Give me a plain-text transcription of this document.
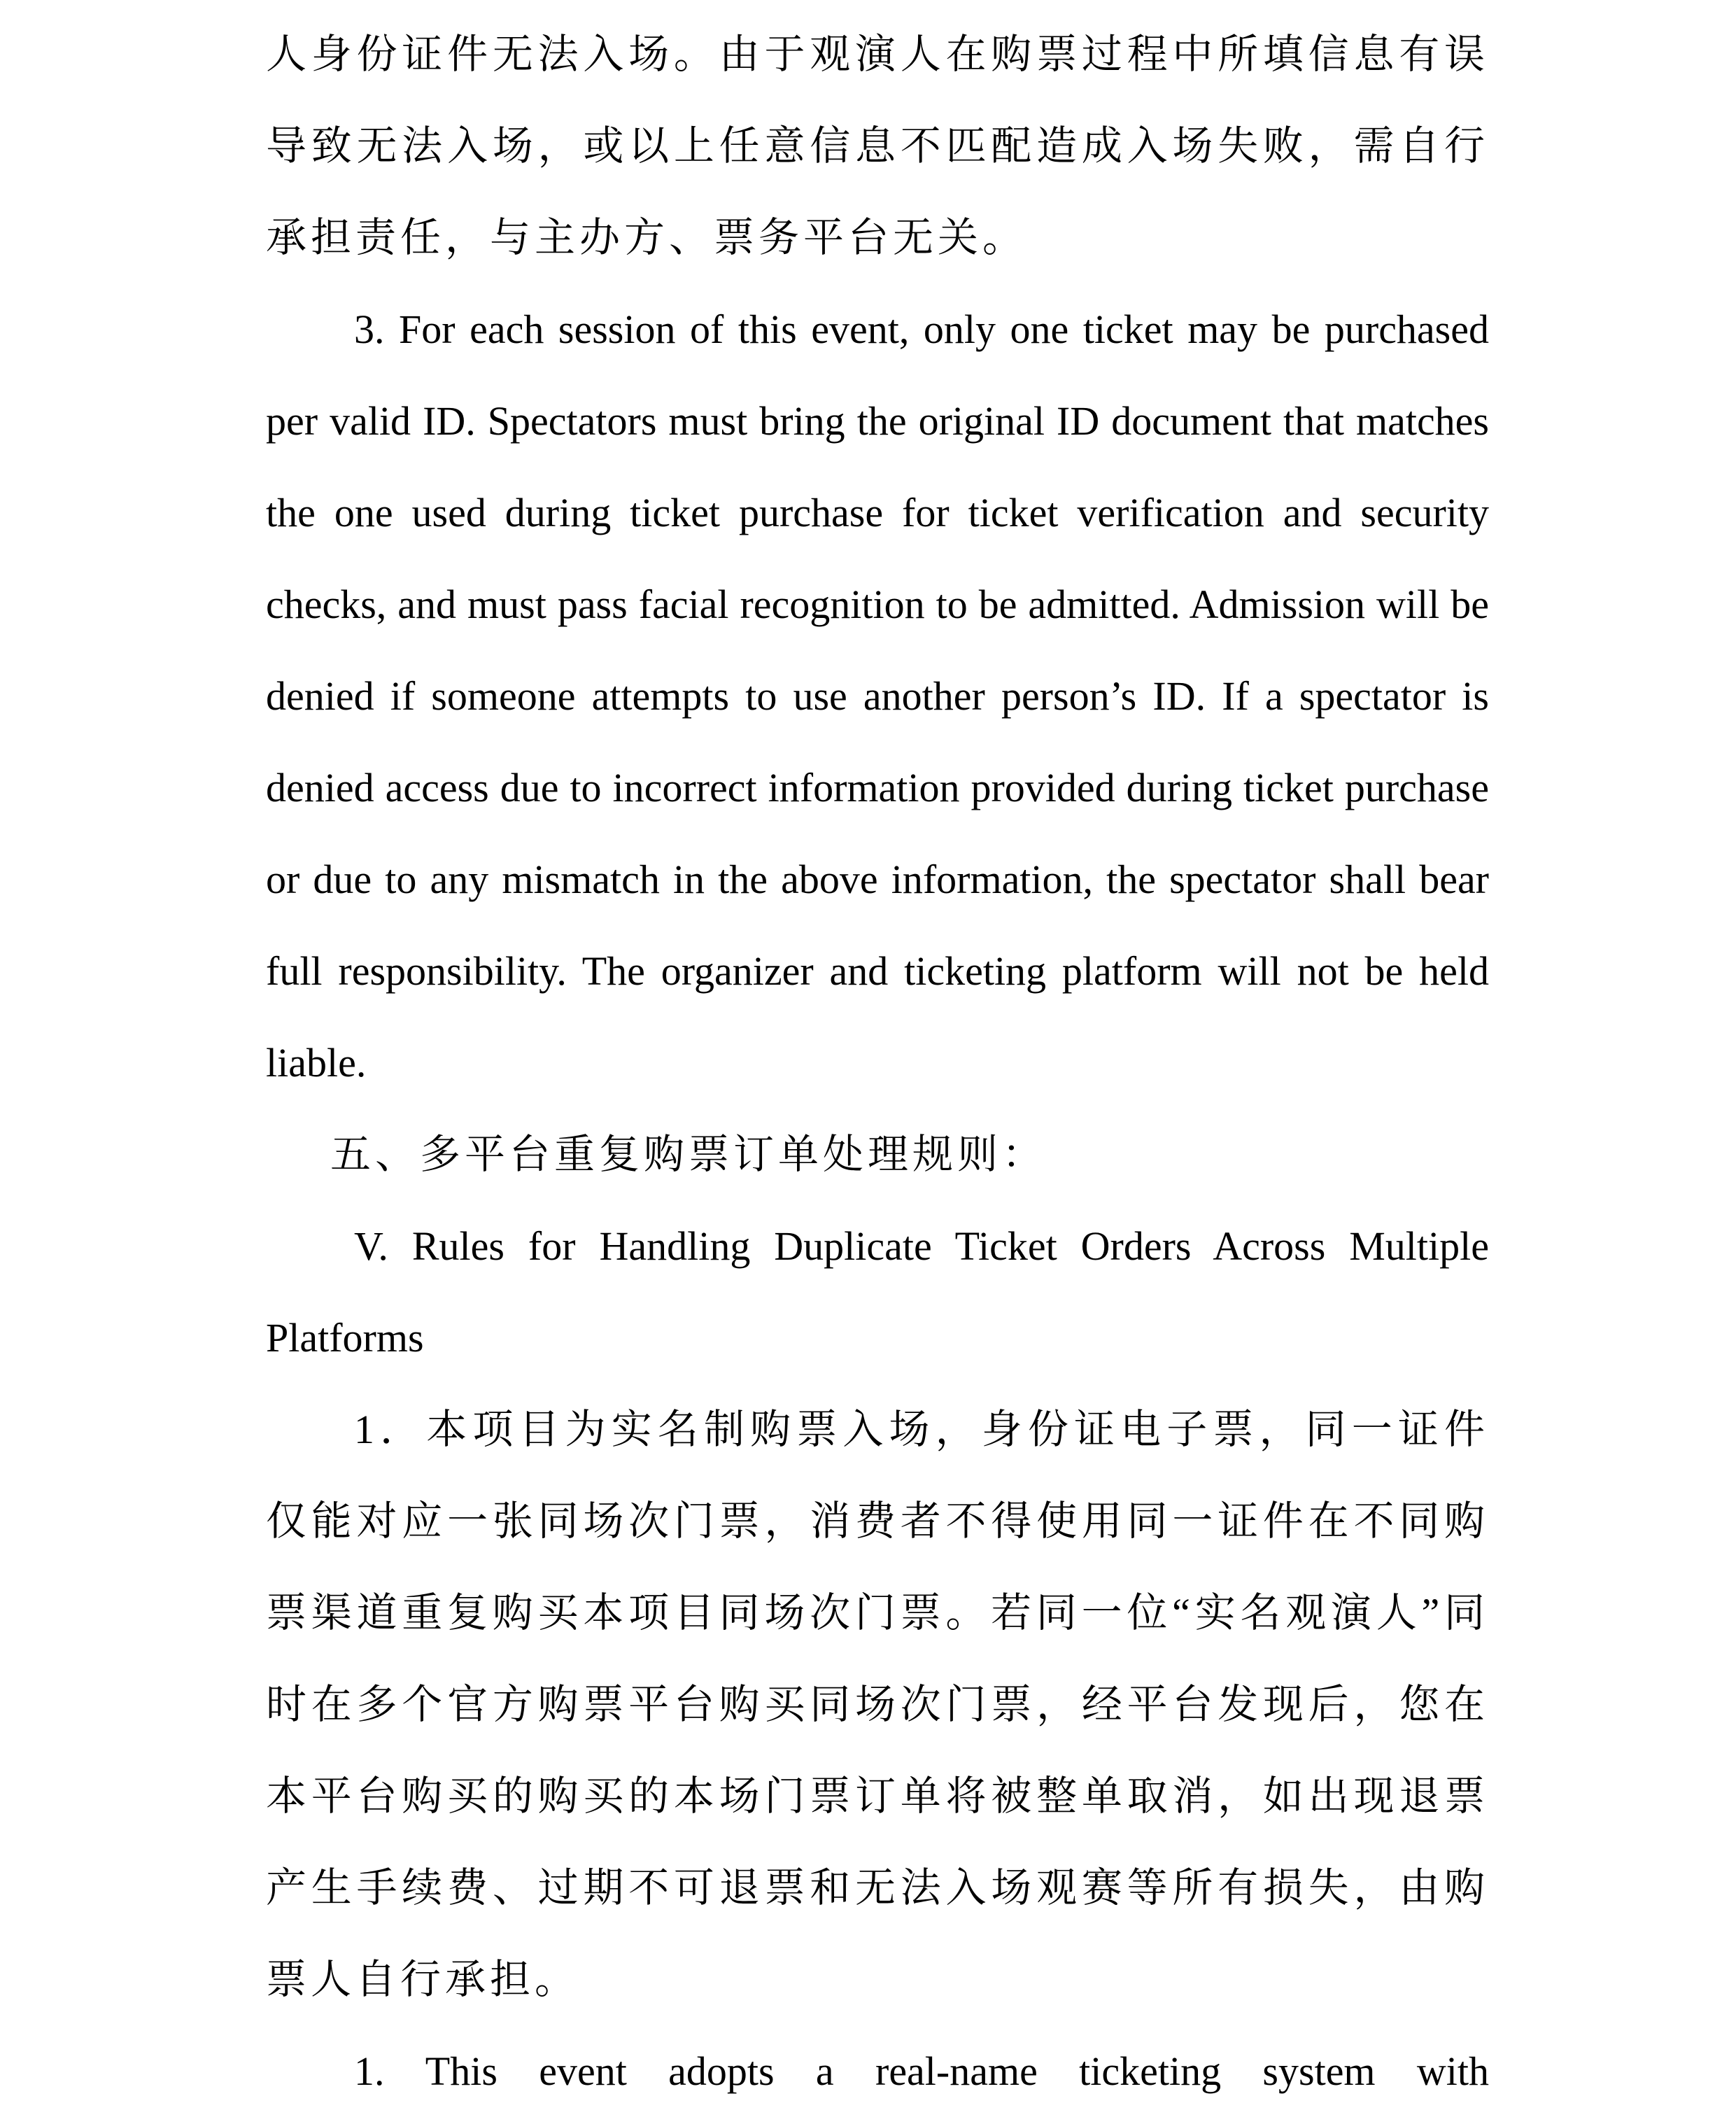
人身份证件无法入场。由于观演人在购票过程中所填信息有误导致无法入场，或以上任意信息不匹配造成入场失败，需自行承担责任，与主办方、票务平台无关。

3. For each session of this event, only one ticket may be purchased per valid ID. Spectators must bring the original ID document that matches the one used during ticket purchase for ticket verification and security checks, and must pass facial recognition to be admitted. Admission will be denied if someone attempts to use another person’s ID. If a spectator is denied access due to incorrect information provided during ticket purchase or due to any mismatch in the above information, the spectator shall bear full responsibility. The organizer and ticketing platform will not be held liable.

五、多平台重复购票订单处理规则：

V. Rules for Handling Duplicate Ticket Orders Across Multiple Platforms

1．本项目为实名制购票入场，身份证电子票，同一证件仅能对应一张同场次门票，消费者不得使用同一证件在不同购票渠道重复购买本项目同场次门票。若同一位“实名观演人”同时在多个官方购票平台购买同场次门票，经平台发现后，您在本平台购买的购买的本场门票订单将被整单取消，如出现退票产生手续费、过期不可退票和无法入场观赛等所有损失，由购票人自行承担。

1. This event adopts a real-name ticketing system with
